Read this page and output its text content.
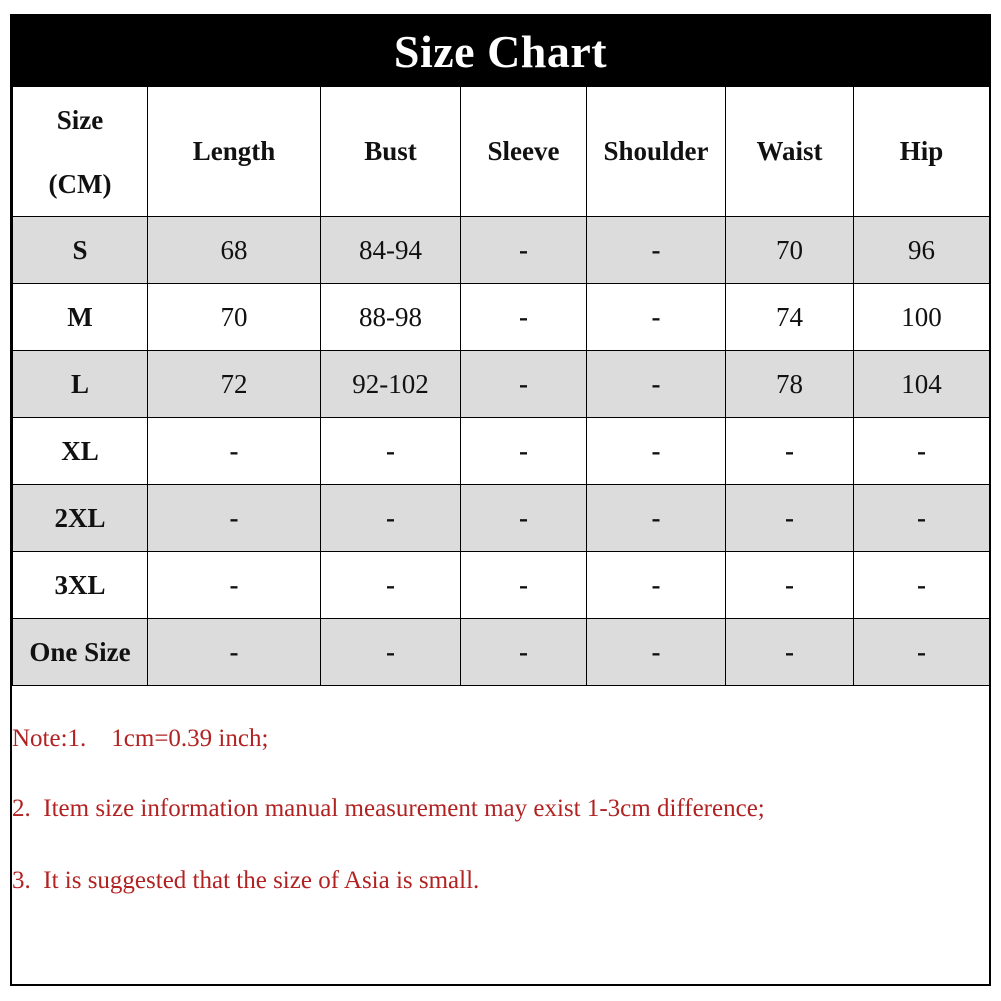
Size Chart
Size
(CM)	Length	Bust	Sleeve	Shoulder	Waist	Hip
S	68	84-94	-	-	70	96
M	70	88-98	-	-	74	100
L	72	92-102	-	-	78	104
XL	-	-	-	-	-	-
2XL	-	-	-	-	-	-
3XL	-	-	-	-	-	-
One Size	-	-	-	-	-	-
Note:1.    1cm=0.39 inch;
2.  Item size information manual measurement may exist 1-3cm difference;
3.  It is suggested that the size of Asia is small.
